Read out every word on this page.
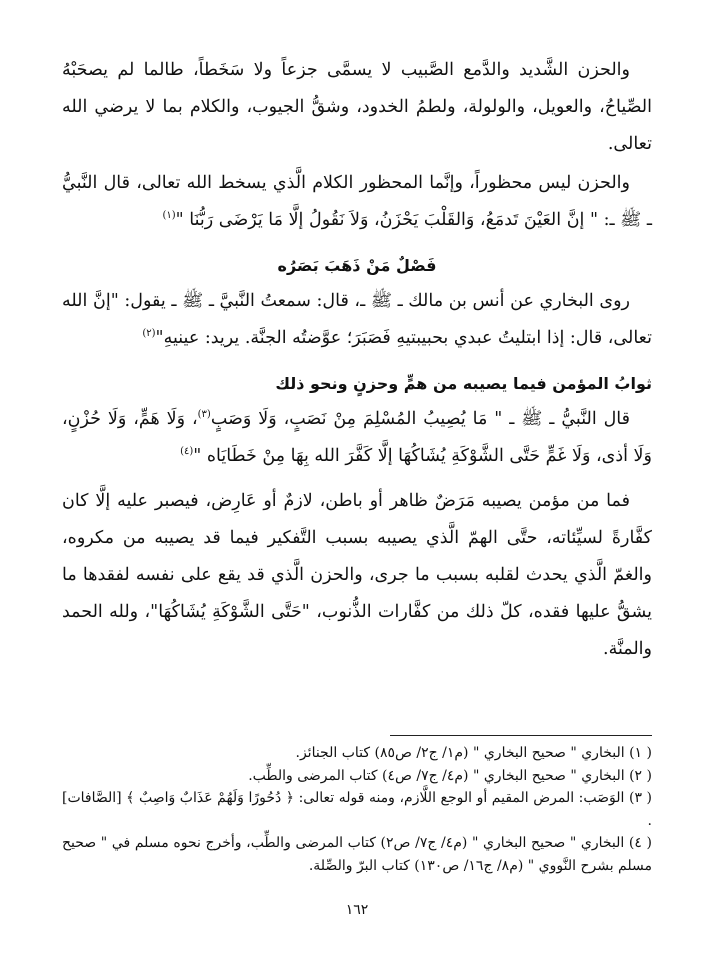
والحزن الشَّديد والدَّمع الصَّبيب لا يسمَّى جزعاً ولا سَخَطاً، طالما لم يصحَبْهُ الصِّياحُ، والعويل، والولولة، ولطمُ الخدود، وشقُّ الجيوب، والكلام بما لا يرضي الله تعالى.

والحزن ليس محظوراً، وإنَّما المحظور الكلام الَّذي يسخط الله تعالى، قال النَّبيُّ ـ ﷺ ـ: " إنَّ العَيْنَ تَدمَعُ، وَالقَلْبَ يَحْزَنُ، وَلاَ نَقُولُ إلَّا مَا يَرْضَى رَبُّنَا "$^{(١)}$

فَصْلٌ مَنْ ذَهَبَ بَصَرُه

روى البخاري عن أنس بن مالك ـ ﷺ ـ، قال: سمعتُ النَّبيَّ ـ ﷺ ـ يقول: "إنَّ الله تعالى، قال: إذا ابتليتُ عبدي بحبيبتيهِ فَصَبَرَ؛ عوَّضتُه الجنَّة. يريد: عينيهِ"$^{(٢)}$

ثوابُ المؤمن فيما يصيبه من همٍّ وحزنٍ ونحو ذلك

قال النَّبيُّ ـ ﷺ ـ " مَا يُصِيبُ المُسْلِمَ مِنْ نَصَبٍ، وَلَا وَصَبٍ$^{(٣)}$، وَلَا هَمٍّ، وَلَا حُزْنٍ، وَلَا أذى، وَلَا غَمٍّ حَتَّى الشَّوْكَةِ يُشَاكُهَا إلَّا كَفَّرَ الله بِهَا مِنْ خَطَايَاه "$^{(٤)}$

فما من مؤمن يصيبه مَرَضٌ ظاهر أو باطن، لازمٌ أو عَارِض، فيصبر عليه إلَّا كان كفَّارةً لسيِّئاته، حتَّى الهمّ الَّذي يصيبه بسبب التَّفكير فيما قد يصيبه من مكروه، والغمّ الَّذي يحدث لقلبه بسبب ما جرى، والحزن الَّذي قد يقع على نفسه لفقدها ما يشقُّ عليها فقده، كلّ ذلك من كفَّارات الذُّنوب، "حَتَّى الشَّوْكَةِ يُشَاكُهَا"، ولله الحمد والمنَّة.

( ١) البخاري " صحيح البخاري " (م١/ ج٢/ ص٨٥) كتاب الجنائز.

( ٢) البخاري " صحيح البخاري " (م٤/ ج٧/ ص٤) كتاب المرضى والطِّب.

( ٣) الوَصَب: المرض المقيم أو الوجع اللَّازم، ومنه قوله تعالى: ﴿ دُحُورًا وَلَهُمْ عَذَابٌ وَاصِبٌ ﴾ [الصَّافات] .

( ٤) البخاري " صحيح البخاري " (م٤/ ج٧/ ص٢) كتاب المرضى والطِّب، وأخرج نحوه مسلم في " صحيح مسلم بشرح النَّووي " (م٨/ ج١٦/ ص١٣٠) كتاب البرّ والصِّلة.

١٦٢
